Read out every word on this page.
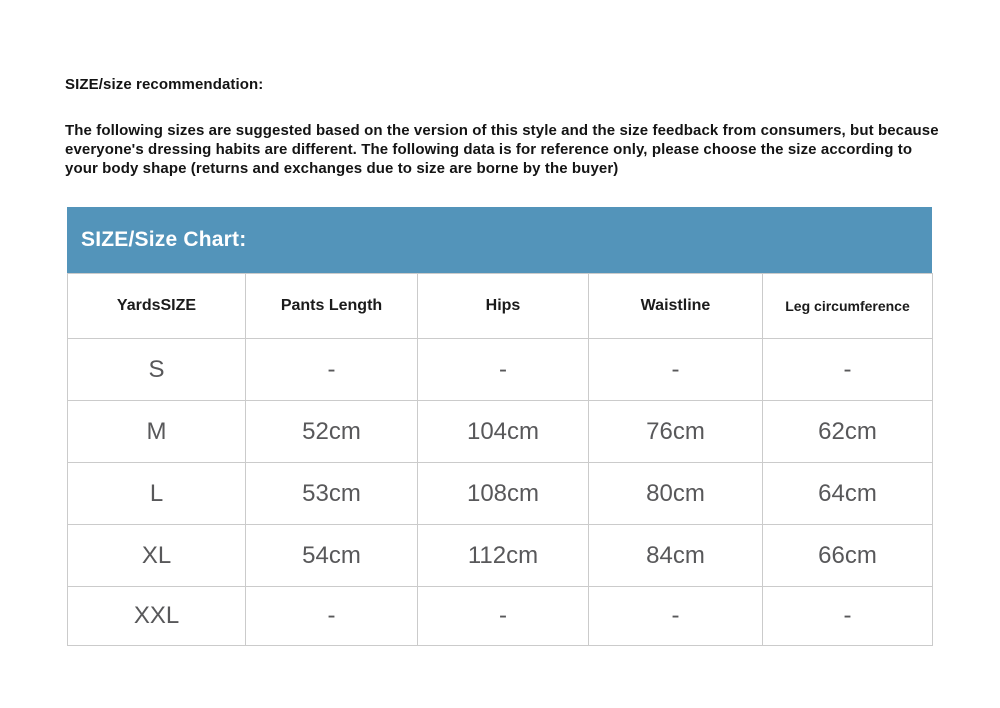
SIZE/size recommendation:
The following sizes are suggested based on the version of this style and the size feedback from consumers, but because everyone's dressing habits are different. The following data is for reference only, please choose the size according to your body shape (returns and exchanges due to size are borne by the buyer)
SIZE/Size Chart:
YardsSIZE	Pants Length	Hips	Waistline	Leg circumference
S	-	-	-	-
M	52cm	104cm	76cm	62cm
L	53cm	108cm	80cm	64cm
XL	54cm	112cm	84cm	66cm
XXL	-	-	-	-
